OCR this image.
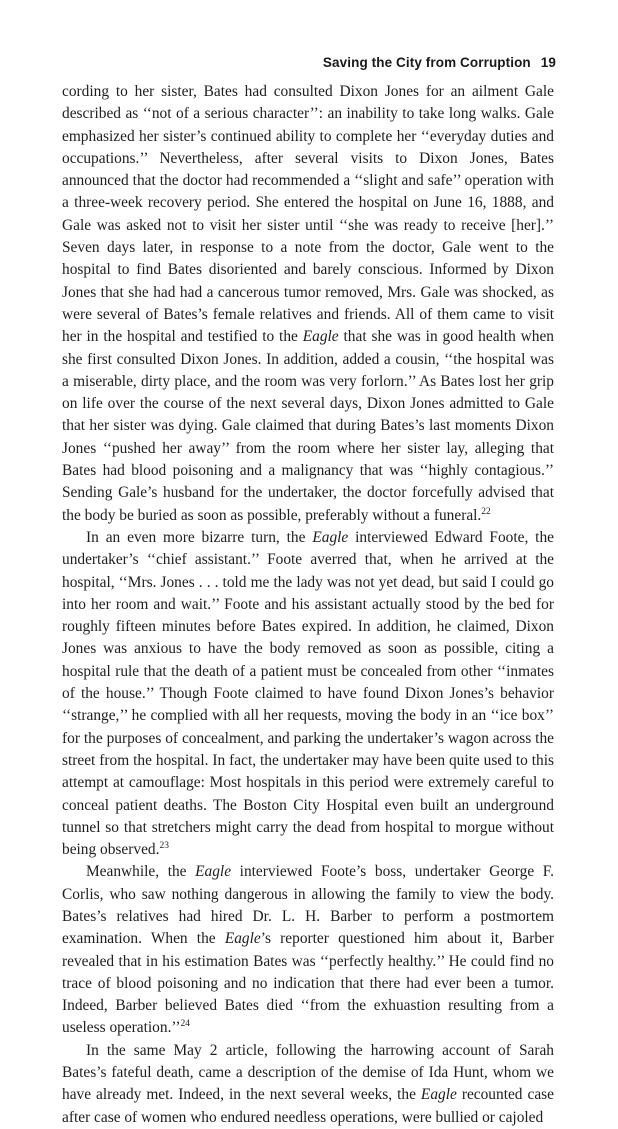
Saving the City from Corruption 19

cording to her sister, Bates had consulted Dixon Jones for an ailment Gale described as ‘‘not of a serious character’’: an inability to take long walks. Gale emphasized her sister’s continued ability to complete her ‘‘everyday duties and occupations.’’ Nevertheless, after several visits to Dixon Jones, Bates announced that the doctor had recommended a ‘‘slight and safe’’ operation with a three-week recovery period. She entered the hospital on June 16, 1888, and Gale was asked not to visit her sister until ‘‘she was ready to receive [her].’’ Seven days later, in response to a note from the doctor, Gale went to the hospital to find Bates disoriented and barely conscious. Informed by Dixon Jones that she had had a cancerous tumor removed, Mrs. Gale was shocked, as were several of Bates’s female relatives and friends. All of them came to visit her in the hospital and testified to the Eagle that she was in good health when she first consulted Dixon Jones. In addition, added a cousin, ‘‘the hospital was a miserable, dirty place, and the room was very forlorn.’’ As Bates lost her grip on life over the course of the next several days, Dixon Jones admitted to Gale that her sister was dying. Gale claimed that during Bates’s last moments Dixon Jones ‘‘pushed her away’’ from the room where her sister lay, alleging that Bates had blood poisoning and a malignancy that was ‘‘highly contagious.’’ Sending Gale’s husband for the undertaker, the doctor forcefully advised that the body be buried as soon as possible, preferably without a funeral.$^{22}$

In an even more bizarre turn, the Eagle interviewed Edward Foote, the undertaker’s ‘‘chief assistant.’’ Foote averred that, when he arrived at the hospital, ‘‘Mrs. Jones . . . told me the lady was not yet dead, but said I could go into her room and wait.’’ Foote and his assistant actually stood by the bed for roughly fifteen minutes before Bates expired. In addition, he claimed, Dixon Jones was anxious to have the body removed as soon as possible, citing a hospital rule that the death of a patient must be concealed from other ‘‘inmates of the house.’’ Though Foote claimed to have found Dixon Jones’s behavior ‘‘strange,’’ he complied with all her requests, moving the body in an ‘‘ice box’’ for the purposes of concealment, and parking the undertaker’s wagon across the street from the hospital. In fact, the undertaker may have been quite used to this attempt at camouflage: Most hospitals in this period were extremely careful to conceal patient deaths. The Boston City Hospital even built an underground tunnel so that stretchers might carry the dead from hospital to morgue without being observed.$^{23}$

Meanwhile, the Eagle interviewed Foote’s boss, undertaker George F. Corlis, who saw nothing dangerous in allowing the family to view the body. Bates’s relatives had hired Dr. L. H. Barber to perform a postmortem examination. When the Eagle’s reporter questioned him about it, Barber revealed that in his estimation Bates was ‘‘perfectly healthy.’’ He could find no trace of blood poisoning and no indication that there had ever been a tumor. Indeed, Barber believed Bates died ‘‘from the exhuastion resulting from a useless operation.’’$^{24}$

In the same May 2 article, following the harrowing account of Sarah Bates’s fateful death, came a description of the demise of Ida Hunt, whom we have already met. Indeed, in the next several weeks, the Eagle recounted case after case of women who endured needless operations, were bullied or cajoled
